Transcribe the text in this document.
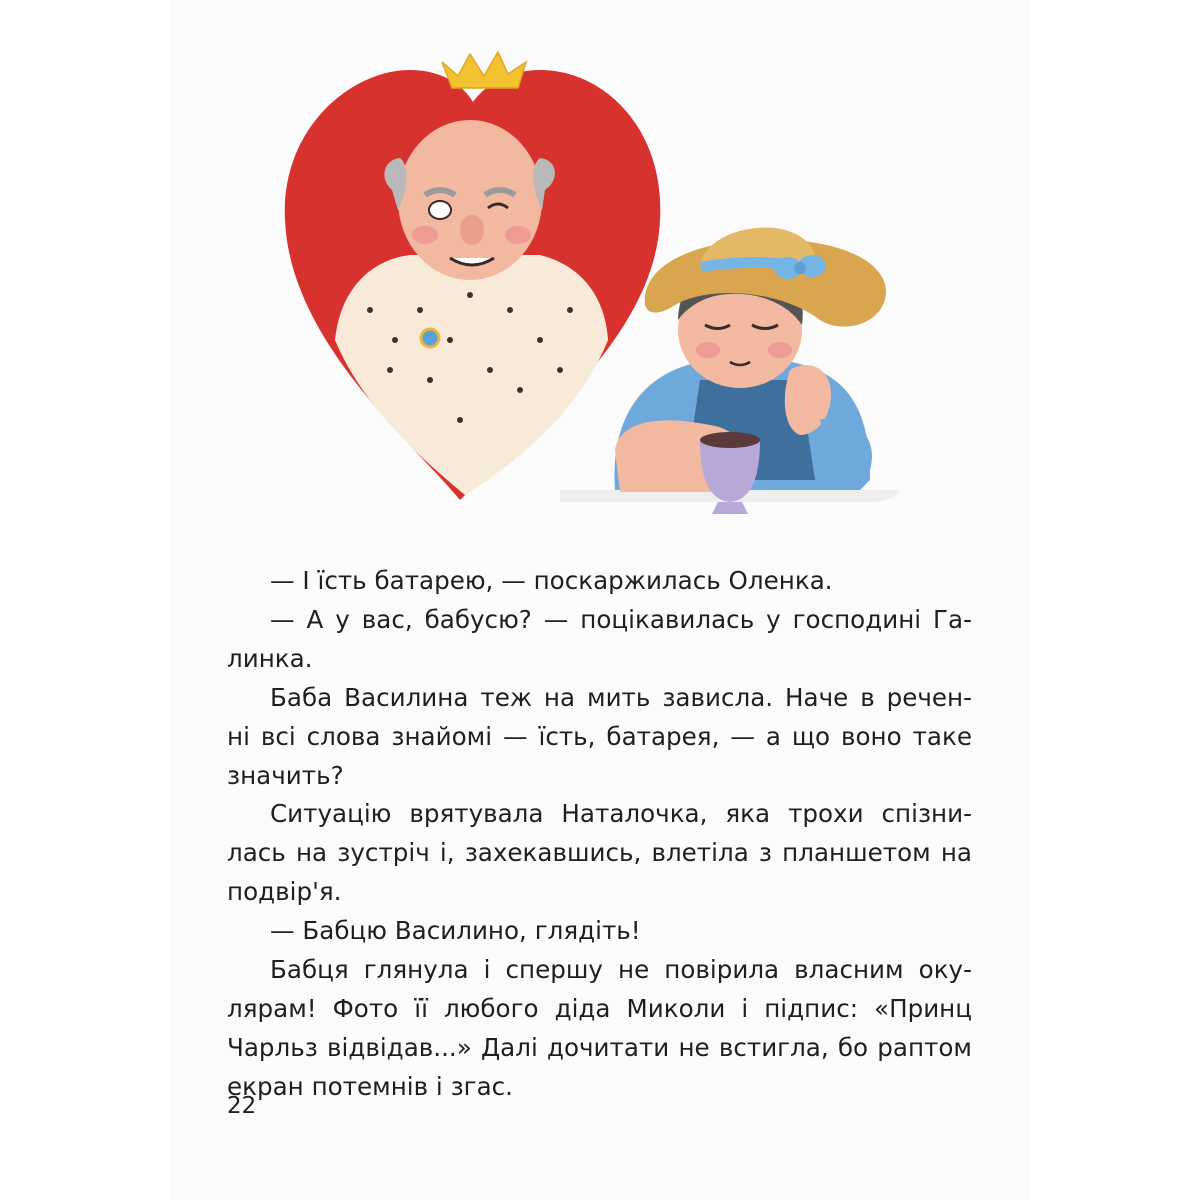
— І їсть батарею, — поскаржилась Оленка.
— А у вас, бабусю? — поцікавилась у господині Га-
линка.
Баба Василина теж на мить зависла. Наче в речен-
ні всі слова знайомі — їсть, батарея, — а що воно таке
значить?
Ситуацію врятувала Наталочка, яка трохи спізни-
лась на зустріч і, захекавшись, влетіла з планшетом на
подвір'я.
— Бабцю Василино, глядіть!
Бабця глянула і спершу не повірила власним оку-
лярам! Фото її любого діда Миколи і підпис: «Принц
Чарльз відвідав...» Далі дочитати не встигла, бо раптом
екран потемнів і згас.
22
